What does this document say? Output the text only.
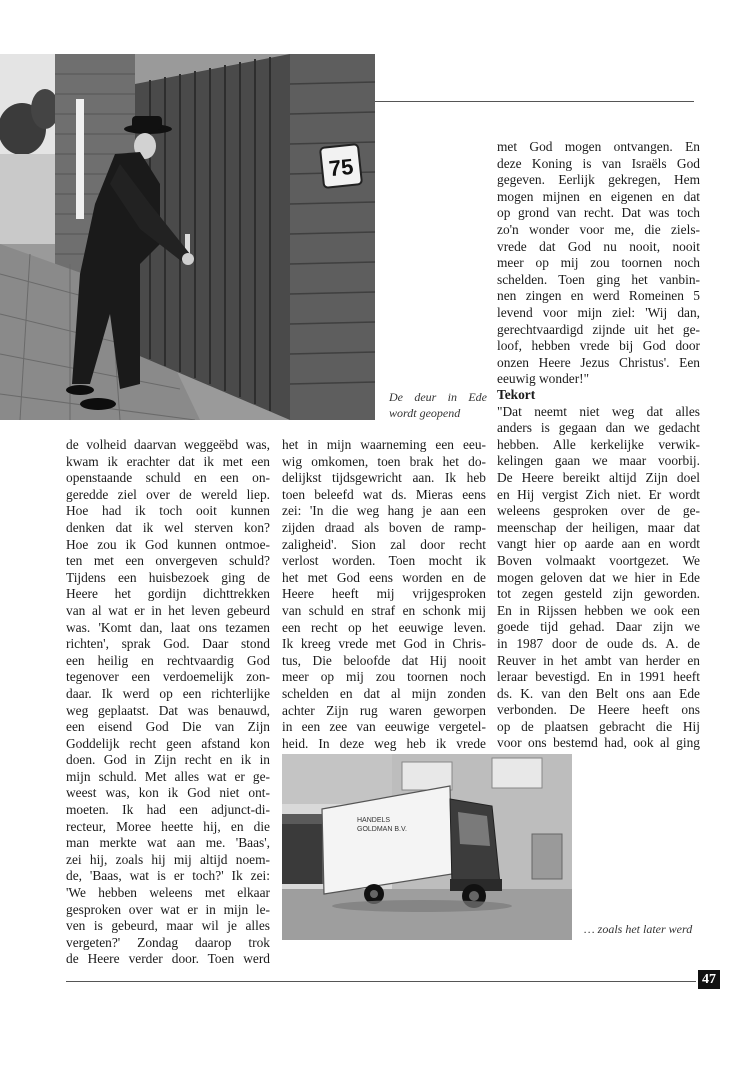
75
De deur in Ede
wordt geopend

de volheid daarvan weggeëbd was,

kwam ik erachter dat ik met een

openstaande schuld en een on-

geredde ziel over de wereld liep.

Hoe had ik toch ooit kunnen

denken dat ik wel sterven kon?

Hoe zou ik God kunnen ontmoe-

ten met een onvergeven schuld?

Tijdens een huisbezoek ging de

Heere het gordijn dichttrekken

van al wat er in het leven gebeurd

was. 'Komt dan, laat ons tezamen

richten', sprak God. Daar stond

een heilig en rechtvaardig God

tegenover een verdoemelijk zon-

daar. Ik werd op een richterlijke

weg geplaatst. Dat was benauwd,

een eisend God Die van Zijn

Goddelijk recht geen afstand kon

doen. God in Zijn recht en ik in

mijn schuld. Met alles wat er ge-

weest was, kon ik God niet ont-

moeten. Ik had een adjunct-di-

recteur, Moree heette hij, en die

man merkte wat aan me. 'Baas',

zei hij, zoals hij mij altijd noem-

de, 'Baas, wat is er toch?' Ik zei:

'We hebben weleens met elkaar

gesproken over wat er in mijn le-

ven is gebeurd, maar wil je alles

vergeten?' Zondag daarop trok

de Heere verder door. Toen werd

het in mijn waarneming een eeu-

wig omkomen, toen brak het do-

delijkst tijdsgewricht aan. Ik heb

toen beleefd wat ds. Mieras eens

zei: 'In die weg hang je aan een

zijden draad als boven de ramp-

zaligheid'. Sion zal door recht

verlost worden. Toen mocht ik

het met God eens worden en de

Heere heeft mij vrijgesproken

van schuld en straf en schonk mij

een recht op het eeuwige leven.

Ik kreeg vrede met God in Chris-

tus, Die beloofde dat Hij nooit

meer op mij zou toornen noch

schelden en dat al mijn zonden

achter Zijn rug waren geworpen

in een zee van eeuwige vergetel-

heid. In deze weg heb ik vrede

met God mogen ontvangen. En

deze Koning is van Israëls God

gegeven. Eerlijk gekregen, Hem

mogen mijnen en eigenen en dat

op grond van recht. Dat was toch

zo'n wonder voor me, die ziels-

vrede dat God nu nooit, nooit

meer op mij zou toornen noch

schelden. Toen ging het vanbin-

nen zingen en werd Romeinen 5

levend voor mijn ziel: 'Wij dan,

gerechtvaardigd zijnde uit het ge-

loof, hebben vrede bij God door

onzen Heere Jezus Christus'. Een

eeuwig wonder!"

Tekort

"Dat neemt niet weg dat alles

anders is gegaan dan we gedacht

hebben. Alle kerkelijke verwik-

kelingen gaan we maar voorbij.

De Heere bereikt altijd Zijn doel

en Hij vergist Zich niet. Er wordt

weleens gesproken over de ge-

meenschap der heiligen, maar dat

vangt hier op aarde aan en wordt

Boven volmaakt voortgezet. We

mogen geloven dat we hier in Ede

tot zegen gesteld zijn geworden.

En in Rijssen hebben we ook een

goede tijd gehad. Daar zijn we

in 1987 door de oude ds. A. de

Reuver in het ambt van herder en

leraar bevestigd. En in 1991 heeft

ds. K. van den Belt ons aan Ede

verbonden. De Heere heeft ons

op de plaatsen gebracht die Hij

voor ons bestemd had, ook al ging

HANDELS
GOLDMAN B.V.
… zoals het later werd
47
